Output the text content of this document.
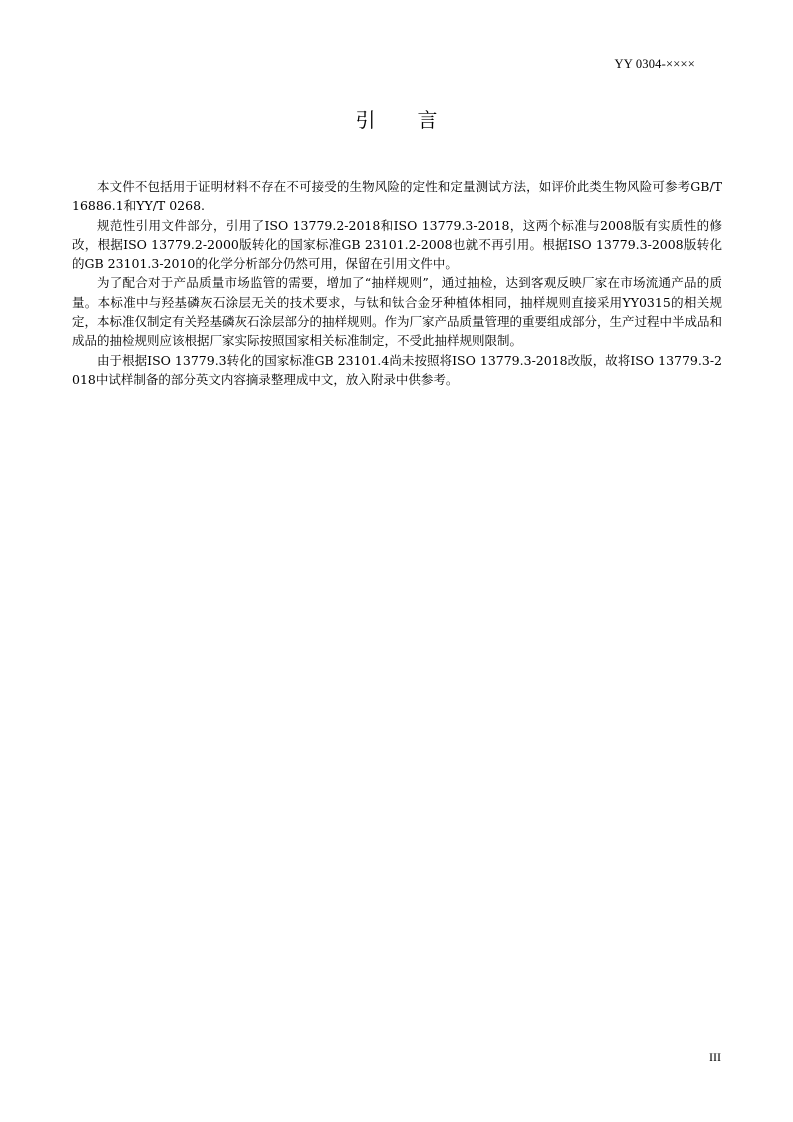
YY 0304-××××
引 言

本文件不包括用于证明材料不存在不可接受的生物风险的定性和定量测试方法，如评价此类生物风险可参考GB/T 16886.1和YY/T 0268.

规范性引用文件部分，引用了ISO 13779.2-2018和ISO 13779.3-2018，这两个标准与2008版有实质性的修改，根据ISO 13779.2-2000版转化的国家标准GB 23101.2-2008也就不再引用。根据ISO 13779.3-2008版转化的GB 23101.3-2010的化学分析部分仍然可用，保留在引用文件中。

为了配合对于产品质量市场监管的需要，增加了“抽样规则”，通过抽检，达到客观反映厂家在市场流通产品的质量。本标准中与羟基磷灰石涂层无关的技术要求，与钛和钛合金牙种植体相同，抽样规则直接采用YY0315的相关规定，本标准仅制定有关羟基磷灰石涂层部分的抽样规则。作为厂家产品质量管理的重要组成部分，生产过程中半成品和成品的抽检规则应该根据厂家实际按照国家相关标准制定，不受此抽样规则限制。

由于根据ISO 13779.3转化的国家标准GB 23101.4尚未按照将ISO 13779.3-2018改版，故将ISO 13779.3-2018中试样制备的部分英文内容摘录整理成中文，放入附录中供参考。

III
